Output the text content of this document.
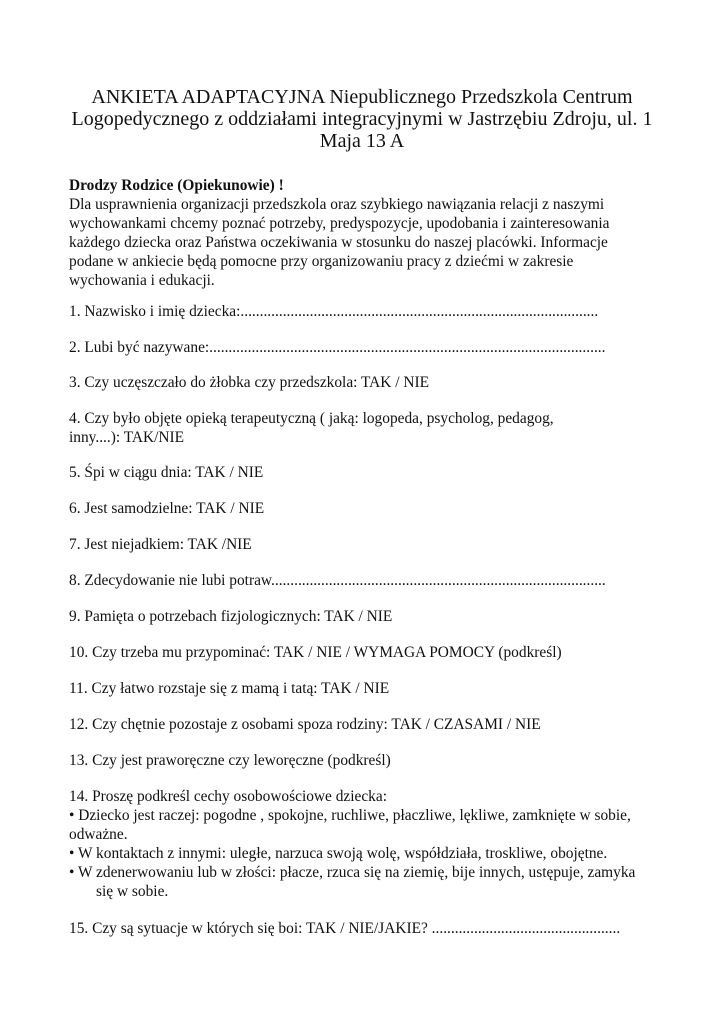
ANKIETA ADAPTACYJNA Niepublicznego Przedszkola Centrum
Logopedycznego z oddziałami integracyjnymi w Jastrzębiu Zdroju, ul. 1
Maja 13 A
Drodzy Rodzice (Opiekunowie) !
Dla usprawnienia organizacji przedszkola oraz szybkiego nawiązania relacji z naszymi
wychowankami chcemy poznać potrzeby, predyspozycje, upodobania i zainteresowania
każdego dziecka oraz Państwa oczekiwania w stosunku do naszej placówki. Informacje
podane w ankiecie będą pomocne przy organizowaniu pracy z dziećmi w zakresie
wychowania i edukacji.
1. Nazwisko i imię dziecka:.............................................................................................
2. Lubi być nazywane:.......................................................................................................
3. Czy uczęszczało do żłobka czy przedszkola: TAK / NIE
4. Czy było objęte opieką terapeutyczną ( jaką: logopeda, psycholog, pedagog,
inny....): TAK/NIE
5. Śpi w ciągu dnia: TAK / NIE
6. Jest samodzielne: TAK / NIE
7. Jest niejadkiem: TAK /NIE
8. Zdecydowanie nie lubi potraw.......................................................................................
9. Pamięta o potrzebach fizjologicznych: TAK / NIE
10. Czy trzeba mu przypominać: TAK / NIE / WYMAGA POMOCY (podkreśl)
11. Czy łatwo rozstaje się z mamą i tatą: TAK / NIE
12. Czy chętnie pozostaje z osobami spoza rodziny: TAK / CZASAMI / NIE
13. Czy jest praworęczne czy leworęczne (podkreśl)
14. Proszę podkreśl cechy osobowościowe dziecka:
• Dziecko jest raczej: pogodne , spokojne, ruchliwe, płaczliwe, lękliwe, zamknięte w sobie,
odważne.
• W kontaktach z innymi: uległe, narzuca swoją wolę, współdziała, troskliwe, obojętne.
• W zdenerwowaniu lub w złości: płacze, rzuca się na ziemię, bije innych, ustępuje, zamyka
się w sobie.
15. Czy są sytuacje w których się boi: TAK / NIE/JAKIE? .................................................
